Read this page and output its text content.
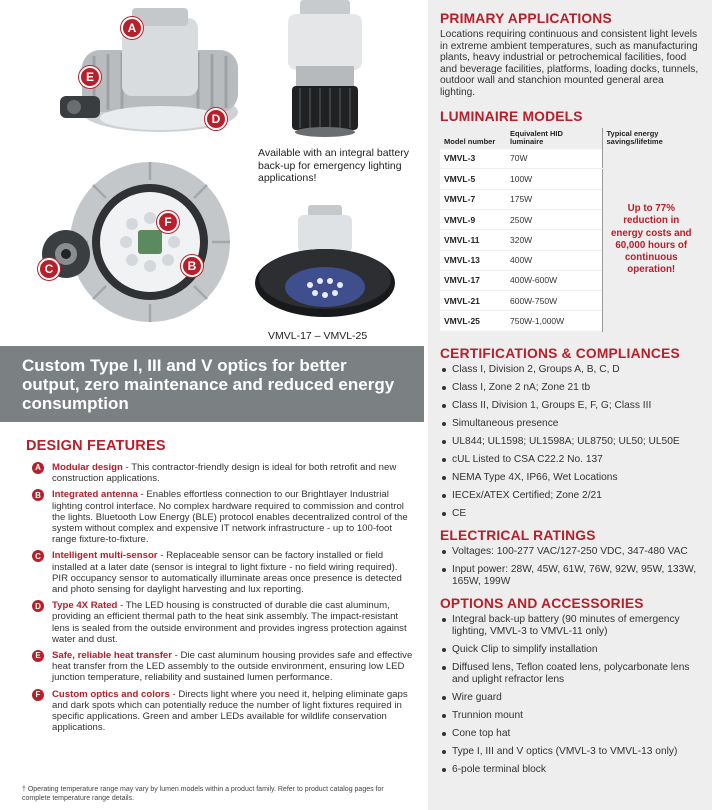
A
E
D
F
B
C
Available with an integral battery back-up for emergency lighting applications!
VMVL-17 – VMVL-25
Custom Type I, III and V optics for better output, zero maintenance and reduced energy consumption
DESIGN FEATURES
A	Modular design - This contractor-friendly design is ideal for both retrofit and new construction applications.
B	Integrated antenna - Enables effortless connection to our Brightlayer Industrial lighting control interface. No complex hardware required to commission and control the lights. Bluetooth Low Energy (BLE) protocol enables decentralized control of the system without complex and expensive IT network infrastructure - up to 100-foot range fixture-to-fixture.
C	Intelligent multi-sensor - Replaceable sensor can be factory installed or field installed at a later date (sensor is integral to light fixture - no field wiring required). PIR occupancy sensor to automatically illuminate areas once presence is detected and photo sensing for daylight harvesting and lux reporting.
D	Type 4X Rated - The LED housing is constructed of durable die cast aluminum, providing an efficient thermal path to the heat sink assembly. The impact-resistant lens is sealed from the outside environment and provides ingress protection against water and dust.
E	Safe, reliable heat transfer - Die cast aluminum housing provides safe and effective heat transfer from the LED assembly to the outside environment, ensuring low LED junction temperature, reliability and sustained lumen performance.
F	Custom optics and colors - Directs light where you need it, helping eliminate gaps and dark spots which can potentially reduce the number of light fixtures required in specific applications. Green and amber LEDs available for wildlife conservation applications.
† Operating temperature range may vary by lumen models within a product family. Refer to product catalog pages for complete temperature range details.
PRIMARY APPLICATIONS
Locations requiring continuous and consistent light levels in extreme ambient temperatures, such as manufacturing plants, heavy industrial or petrochemical facilities, food and beverage facilities, platforms, loading docks, tunnels, outdoor wall and stanchion mounted general area lighting.
LUMINAIRE MODELS
Model number	Equivalent HID luminaire	Typical energy savings/lifetime
VMVL-3	70W	Up to 77% reduction in energy costs and 60,000 hours of continuous operation!
VMVL-5	100W	
VMVL-7	175W	
VMVL-9	250W	
VMVL-11	320W	
VMVL-13	400W	
VMVL-17	400W-600W	
VMVL-21	600W-750W	
VMVL-25	750W-1,000W	
CERTIFICATIONS & COMPLIANCES
Class I, Division 2, Groups A, B, C, D
Class I, Zone 2 nA; Zone 21 tb
Class II, Division 1, Groups E, F, G; Class III
Simultaneous presence
UL844; UL1598; UL1598A; UL8750; UL50; UL50E
cUL Listed to CSA C22.2 No. 137
NEMA Type 4X, IP66, Wet Locations
IECEx/ATEX Certified; Zone 2/21
CE
ELECTRICAL RATINGS
Voltages: 100-277 VAC/127-250 VDC, 347-480 VAC
Input power: 28W, 45W, 61W, 76W, 92W, 95W, 133W, 165W, 199W
OPTIONS AND ACCESSORIES
Integral back-up battery (90 minutes of emergency lighting, VMVL-3 to VMVL-11 only)
Quick Clip to simplify installation
Diffused lens, Teflon coated lens, polycarbonate lens and uplight refractor lens
Wire guard
Trunnion mount
Cone top hat
Type I, III and V optics (VMVL-3 to VMVL-13 only)
6-pole terminal block
